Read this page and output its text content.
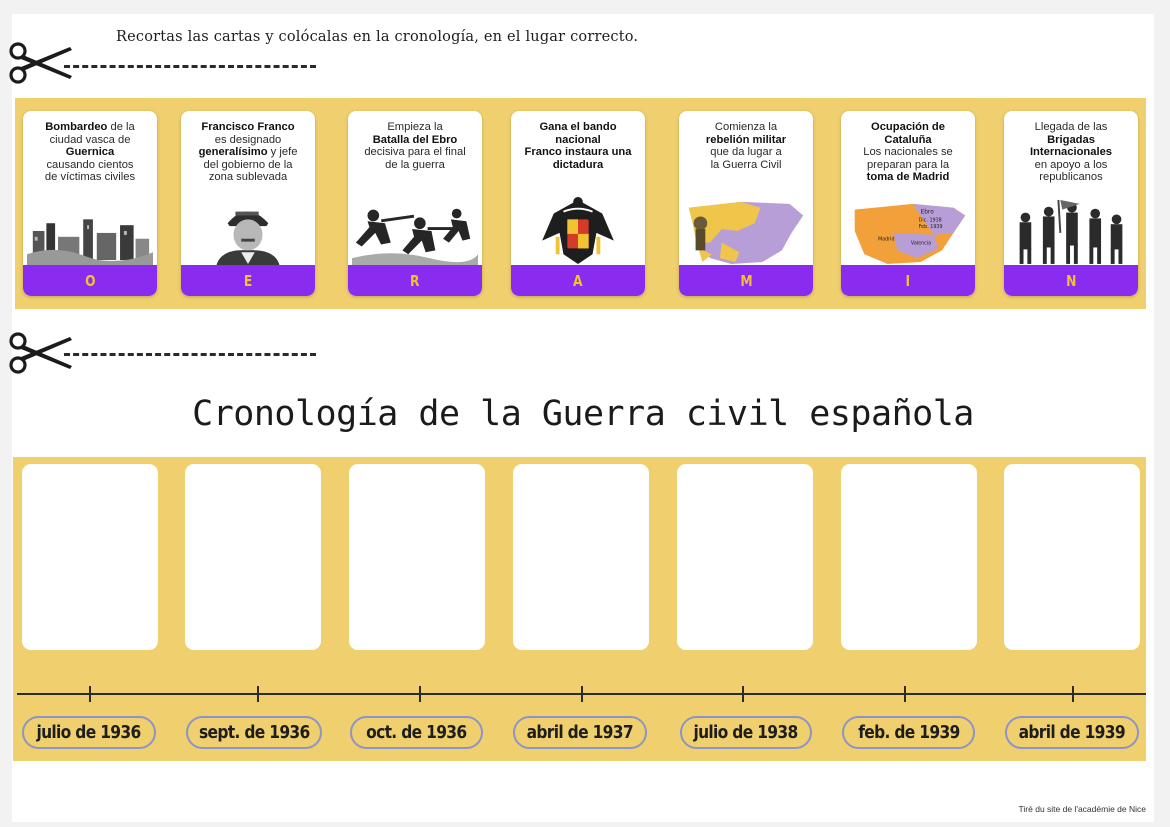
Recortas las cartas y colócalas en la cronología, en el lugar correcto.
Bombardeo de la
ciudad vasca de
Guernica
causando cientos
de víctimas civiles
O
Francisco Franco
es designado
generalísimo y jefe
del gobierno de la
zona sublevada
E
Empieza la
Batalla del Ebro
decisiva para el final
de la guerra
R
Gana el bando
nacional
Franco instaura una
dictadura
A
Comienza la
rebelión militar
que da lugar a
la Guerra Civil
M
Ocupación de
Cataluña
Los nacionales se
preparan para la
toma de Madrid
Ebro
Dic. 1938
Feb. 1939
Madrid
Valencia
I
Llegada de las
Brigadas
Internacionales
en apoyo a los
republicanos
N
Cronología de la Guerra civil española
julio de 1936	sept. de 1936	oct. de 1936	abril de 1937	julio de 1938	feb. de 1939	abril de 1939
Tiré du site de l'académie de Nice
